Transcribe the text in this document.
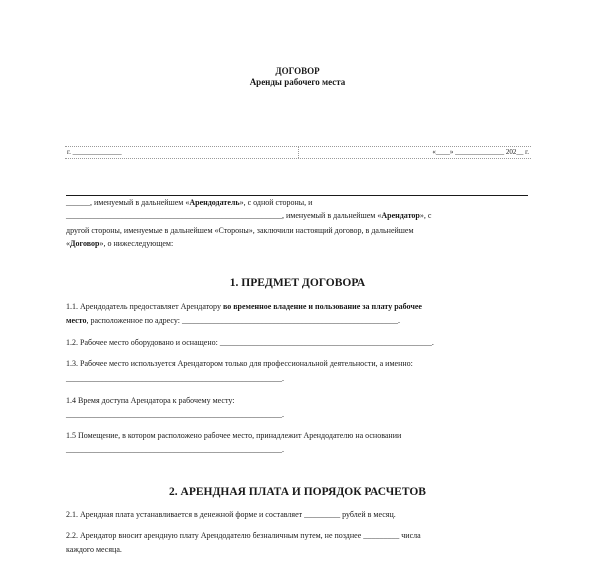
ДОГОВОР
Аренды рабочего места
г. ______________	«____» ______________ 202__ г.
______, именуемый в дальнейшем «Арендодатель», с одной стороны, и
______________________________________________________, именуемый в дальнейшем «Арендатор», с
другой стороны, именуемые в дальнейшем «Стороны», заключили настоящий договор, в дальнейшем
«Договор», о нижеследующем:
1. ПРЕДМЕТ ДОГОВОРА
1.1. Арендодатель предоставляет Арендатору во временное владение и пользование за плату рабочее
место, расположенное по адресу: ______________________________________________________.
1.2. Рабочее место оборудовано и оснащено: _____________________________________________________.
1.3. Рабочее место используется Арендатором только для профессиональной деятельности, а именно:
______________________________________________________.
1.4 Время доступа Арендатора к рабочему месту:
______________________________________________________.
1.5 Помещение, в котором расположено рабочее место, принадлежит Арендодателю на основании
______________________________________________________.
2. АРЕНДНАЯ ПЛАТА И ПОРЯДОК РАСЧЕТОВ
2.1. Арендная плата устанавливается в денежной форме и составляет _________ рублей в месяц.
2.2. Арендатор вносит арендную плату Арендодателю безналичным путем, не позднее _________ числа
каждого месяца.
